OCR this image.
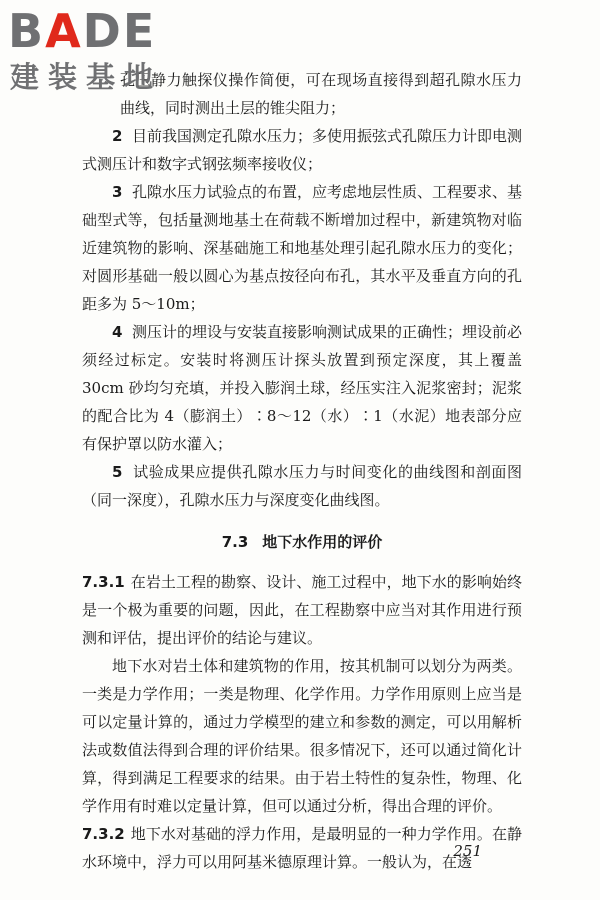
BADE
建装基地

孔压静力触探仪操作简便，可在现场直接得到超孔隙水压力曲线，同时测出土层的锥尖阻力；

2 目前我国测定孔隙水压力；多使用振弦式孔隙压力计即电测式测压计和数字式钢弦频率接收仪；

3 孔隙水压力试验点的布置，应考虑地层性质、工程要求、基础型式等，包括量测地基土在荷载不断增加过程中，新建筑物对临近建筑物的影响、深基础施工和地基处理引起孔隙水压力的变化；对圆形基础一般以圆心为基点按径向布孔，其水平及垂直方向的孔距多为 5～10m；

4 测压计的埋设与安装直接影响测试成果的正确性；埋设前必须经过标定。安装时将测压计探头放置到预定深度，其上覆盖 30cm 砂均匀充填，并投入膨润土球，经压实注入泥浆密封；泥浆的配合比为 4（膨润土）∶8～12（水）∶1（水泥）地表部分应有保护罩以防水灌入；

5 试验成果应提供孔隙水压力与时间变化的曲线图和剖面图（同一深度），孔隙水压力与深度变化曲线图。

7.3 地下水作用的评价

7.3.1 在岩土工程的勘察、设计、施工过程中，地下水的影响始终是一个极为重要的问题，因此，在工程勘察中应当对其作用进行预测和评估，提出评价的结论与建议。

地下水对岩土体和建筑物的作用，按其机制可以划分为两类。一类是力学作用；一类是物理、化学作用。力学作用原则上应当是可以定量计算的，通过力学模型的建立和参数的测定，可以用解析法或数值法得到合理的评价结果。很多情况下，还可以通过简化计算，得到满足工程要求的结果。由于岩土特性的复杂性，物理、化学作用有时难以定量计算，但可以通过分析，得出合理的评价。

7.3.2 地下水对基础的浮力作用，是最明显的一种力学作用。在静水环境中，浮力可以用阿基米德原理计算。一般认为，在透

251
